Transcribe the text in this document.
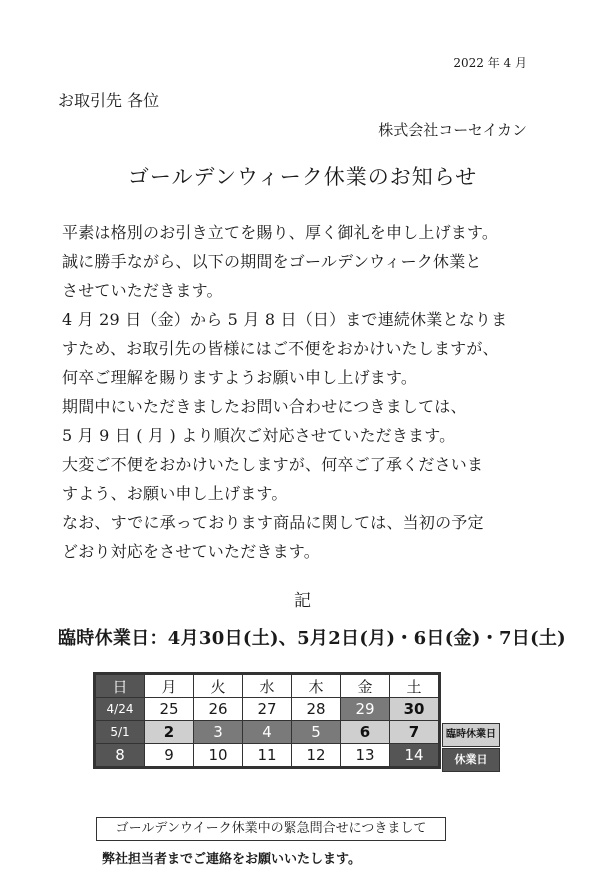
2022 年 4 月
お取引先 各位
株式会社コーセイカン
ゴールデンウィーク休業のお知らせ

平素は格別のお引き立てを賜り、厚く御礼を申し上げます。

誠に勝手ながら、以下の期間をゴールデンウィーク休業と

させていただきます。

4 月 29 日（金）から 5 月 8 日（日）まで連続休業となりま

すため、お取引先の皆様にはご不便をおかけいたしますが、

何卒ご理解を賜りますようお願い申し上げます。

期間中にいただきましたお問い合わせにつきましては、

5 月 9 日 ( 月 ) より順次ご対応させていただきます。

大変ご不便をおかけいたしますが、何卒ご了承くださいま

すよう、お願い申し上げます。

なお、すでに承っております商品に関しては、当初の予定

どおり対応をさせていただきます。

記
臨時休業日：4月30日(土)、5月2日(月)・6日(金)・7日(土)
日	月	火	水	木	金	土
4/24	25	26	27	28	29	30
5/1	2	3	4	5	6	7
8	9	10	11	12	13	14
臨時休業日
休業日
ゴールデンウイーク休業中の緊急問合せにつきまして
弊社担当者までご連絡をお願いいたします。
